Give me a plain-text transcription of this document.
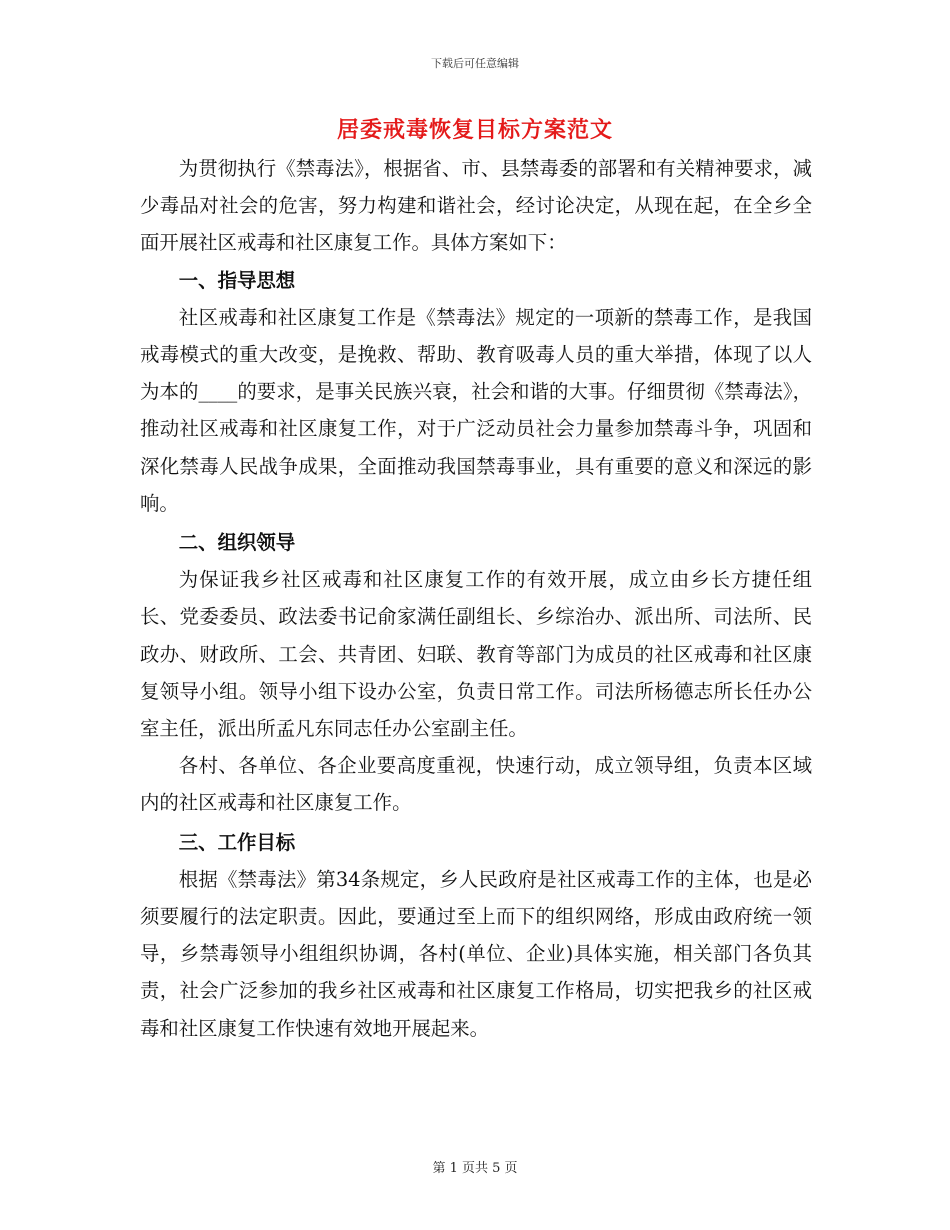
下载后可任意编辑
居委戒毒恢复目标方案范文

为贯彻执行《禁毒法》，根据省、市、县禁毒委的部署和有关精神要求，减少毒品对社会的危害，努力构建和谐社会，经讨论决定，从现在起，在全乡全面开展社区戒毒和社区康复工作。具体方案如下：

一、指导思想

社区戒毒和社区康复工作是《禁毒法》规定的一项新的禁毒工作，是我国戒毒模式的重大改变，是挽救、帮助、教育吸毒人员的重大举措，体现了以人为本的____的要求，是事关民族兴衰，社会和谐的大事。仔细贯彻《禁毒法》，推动社区戒毒和社区康复工作，对于广泛动员社会力量参加禁毒斗争，巩固和深化禁毒人民战争成果，全面推动我国禁毒事业，具有重要的意义和深远的影响。

二、组织领导

为保证我乡社区戒毒和社区康复工作的有效开展，成立由乡长方捷任组长、党委委员、政法委书记俞家满任副组长、乡综治办、派出所、司法所、民政办、财政所、工会、共青团、妇联、教育等部门为成员的社区戒毒和社区康复领导小组。领导小组下设办公室，负责日常工作。司法所杨德志所长任办公室主任，派出所孟凡东同志任办公室副主任。

各村、各单位、各企业要高度重视，快速行动，成立领导组，负责本区域内的社区戒毒和社区康复工作。

三、工作目标

根据《禁毒法》第34条规定，乡人民政府是社区戒毒工作的主体，也是必须要履行的法定职责。因此，要通过至上而下的组织网络，形成由政府统一领导，乡禁毒领导小组组织协调，各村(单位、企业)具体实施，相关部门各负其责，社会广泛参加的我乡社区戒毒和社区康复工作格局，切实把我乡的社区戒毒和社区康复工作快速有效地开展起来。

第 1 页共 5 页
